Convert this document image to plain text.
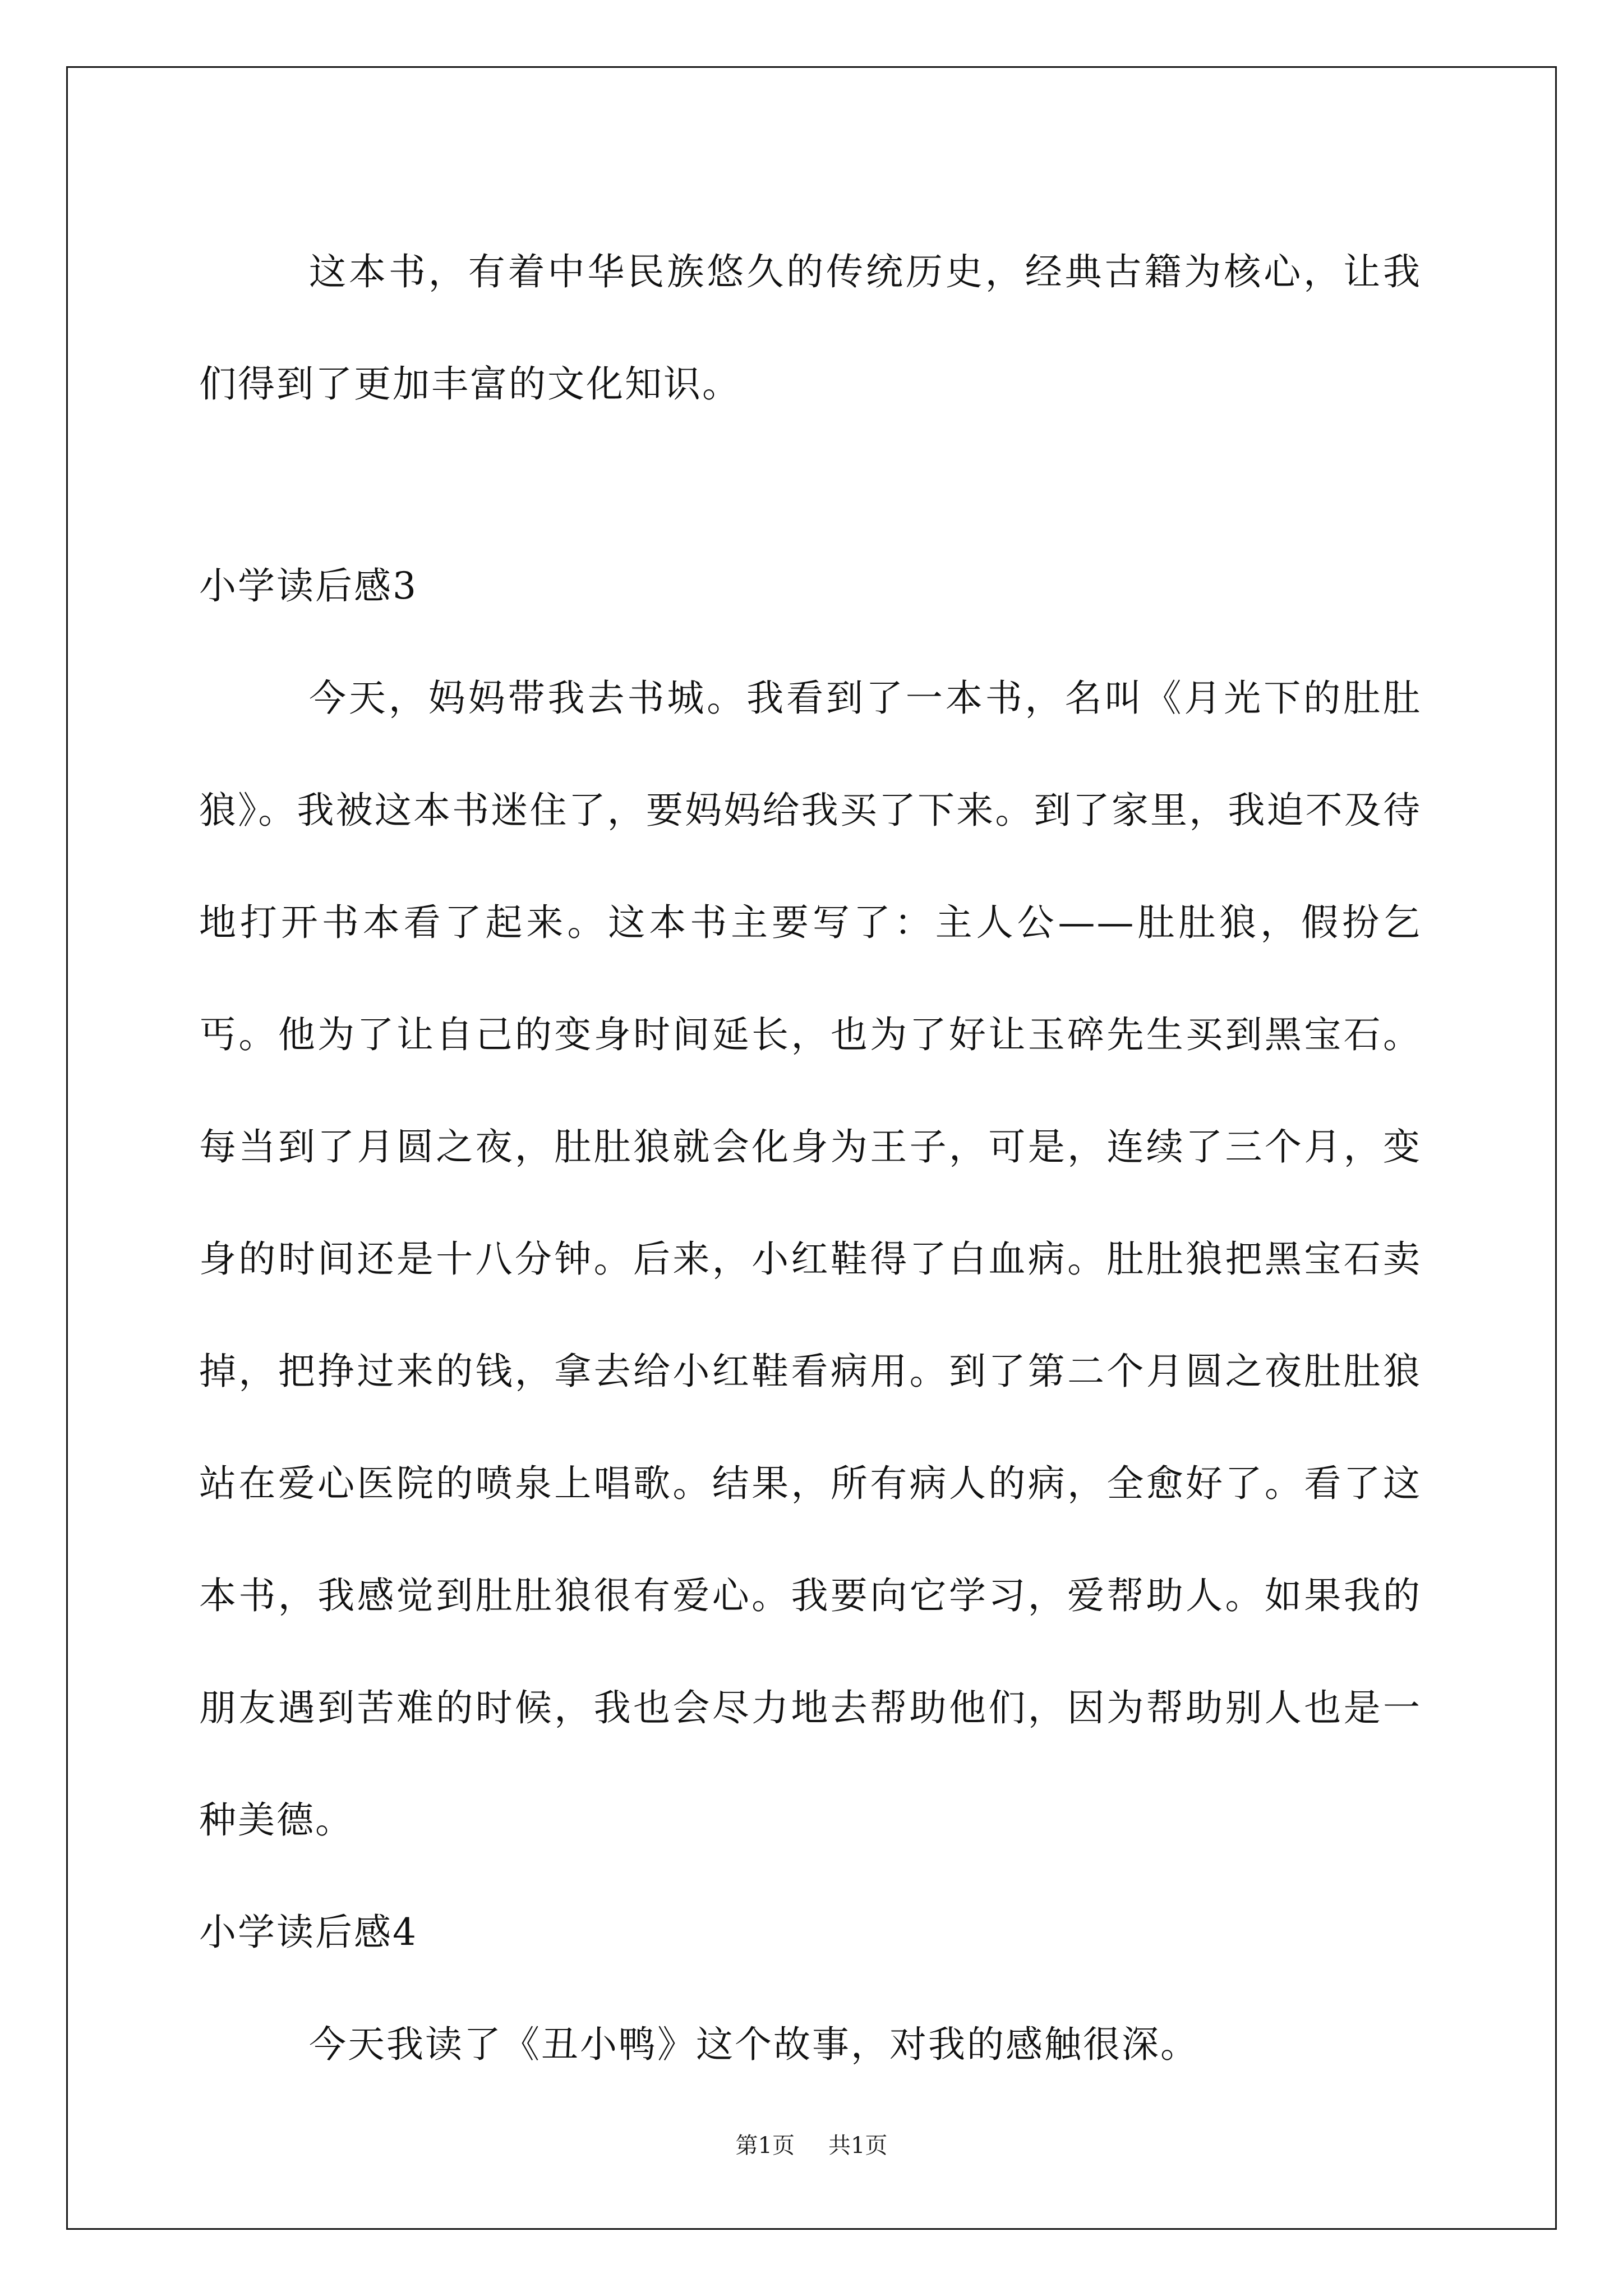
这本书，有着中华民族悠久的传统历史，经典古籍为核心，让我们得到了更加丰富的文化知识。

小学读后感3

今天，妈妈带我去书城。我看到了一本书，名叫《月光下的肚肚狼》。我被这本书迷住了，要妈妈给我买了下来。到了家里，我迫不及待地打开书本看了起来。这本书主要写了：主人公——肚肚狼，假扮乞丐。他为了让自己的变身时间延长，也为了好让玉碎先生买到黑宝石。每当到了月圆之夜，肚肚狼就会化身为王子，可是，连续了三个月，变身的时间还是十八分钟。后来，小红鞋得了白血病。肚肚狼把黑宝石卖掉，把挣过来的钱，拿去给小红鞋看病用。到了第二个月圆之夜肚肚狼站在爱心医院的喷泉上唱歌。结果，所有病人的病，全愈好了。看了这本书，我感觉到肚肚狼很有爱心。我要向它学习，爱帮助人。如果我的朋友遇到苦难的时候，我也会尽力地去帮助他们，因为帮助别人也是一种美德。

小学读后感4

今天我读了《丑小鸭》这个故事，对我的感触很深。

第1页 共1页
